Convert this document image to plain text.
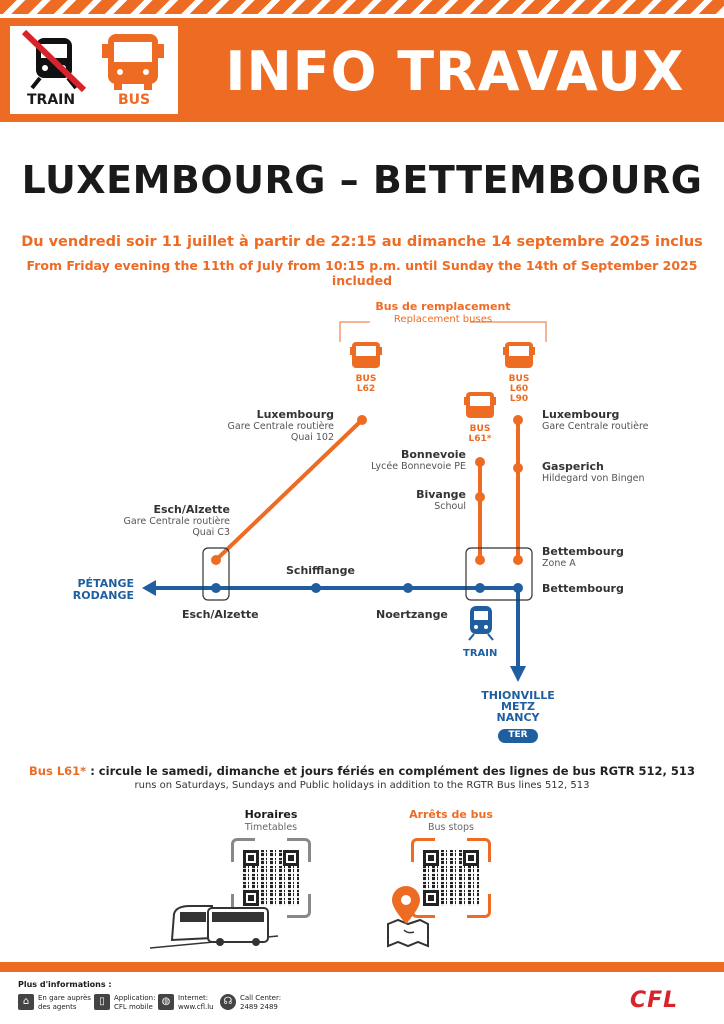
TRAIN	BUS	INFO TRAVAUX
LUXEMBOURG – BETTEMBOURG
Du vendredi soir 11 juillet à partir de 22:15 au dimanche 14 septembre 2025 inclus
From Friday evening the 11th of July from 10:15 p.m. until Sunday the 14th of September 2025 included
Bus de remplacement
Replacement buses
BUS
L62
BUS
L60
L90
BUS
L61*
Luxembourg
Gare Centrale routière
Quai 102
Luxembourg
Gare Centrale routière
Bonnevoie
Lycée Bonnevoie PE	Gasperich
Hildegard von Bingen
Bivange
Schoul
Esch/Alzette
Gare Centrale routière
Quai C3
Bettembourg
Zone A
Bettembourg
Schifflange
Esch/Alzette	Noertzange
PÉTANGE
RODANGE
TRAIN
THIONVILLE
METZ
NANCY
TER
Bus L61* : circule le samedi, dimanche et jours fériés en complément des lignes de bus RGTR 512, 513
runs on Saturdays, Sundays and Public holidays in addition to the RGTR Bus lines 512, 513
Horaires
Timetables
Arrêts de bus
Bus stops
Plus d'informations :
⌂	En gare auprès
des agents	▯	Application:
CFL mobile ◍	Internet:
www.cfl.lu ☊	Call Center:
2489 2489	CFL
